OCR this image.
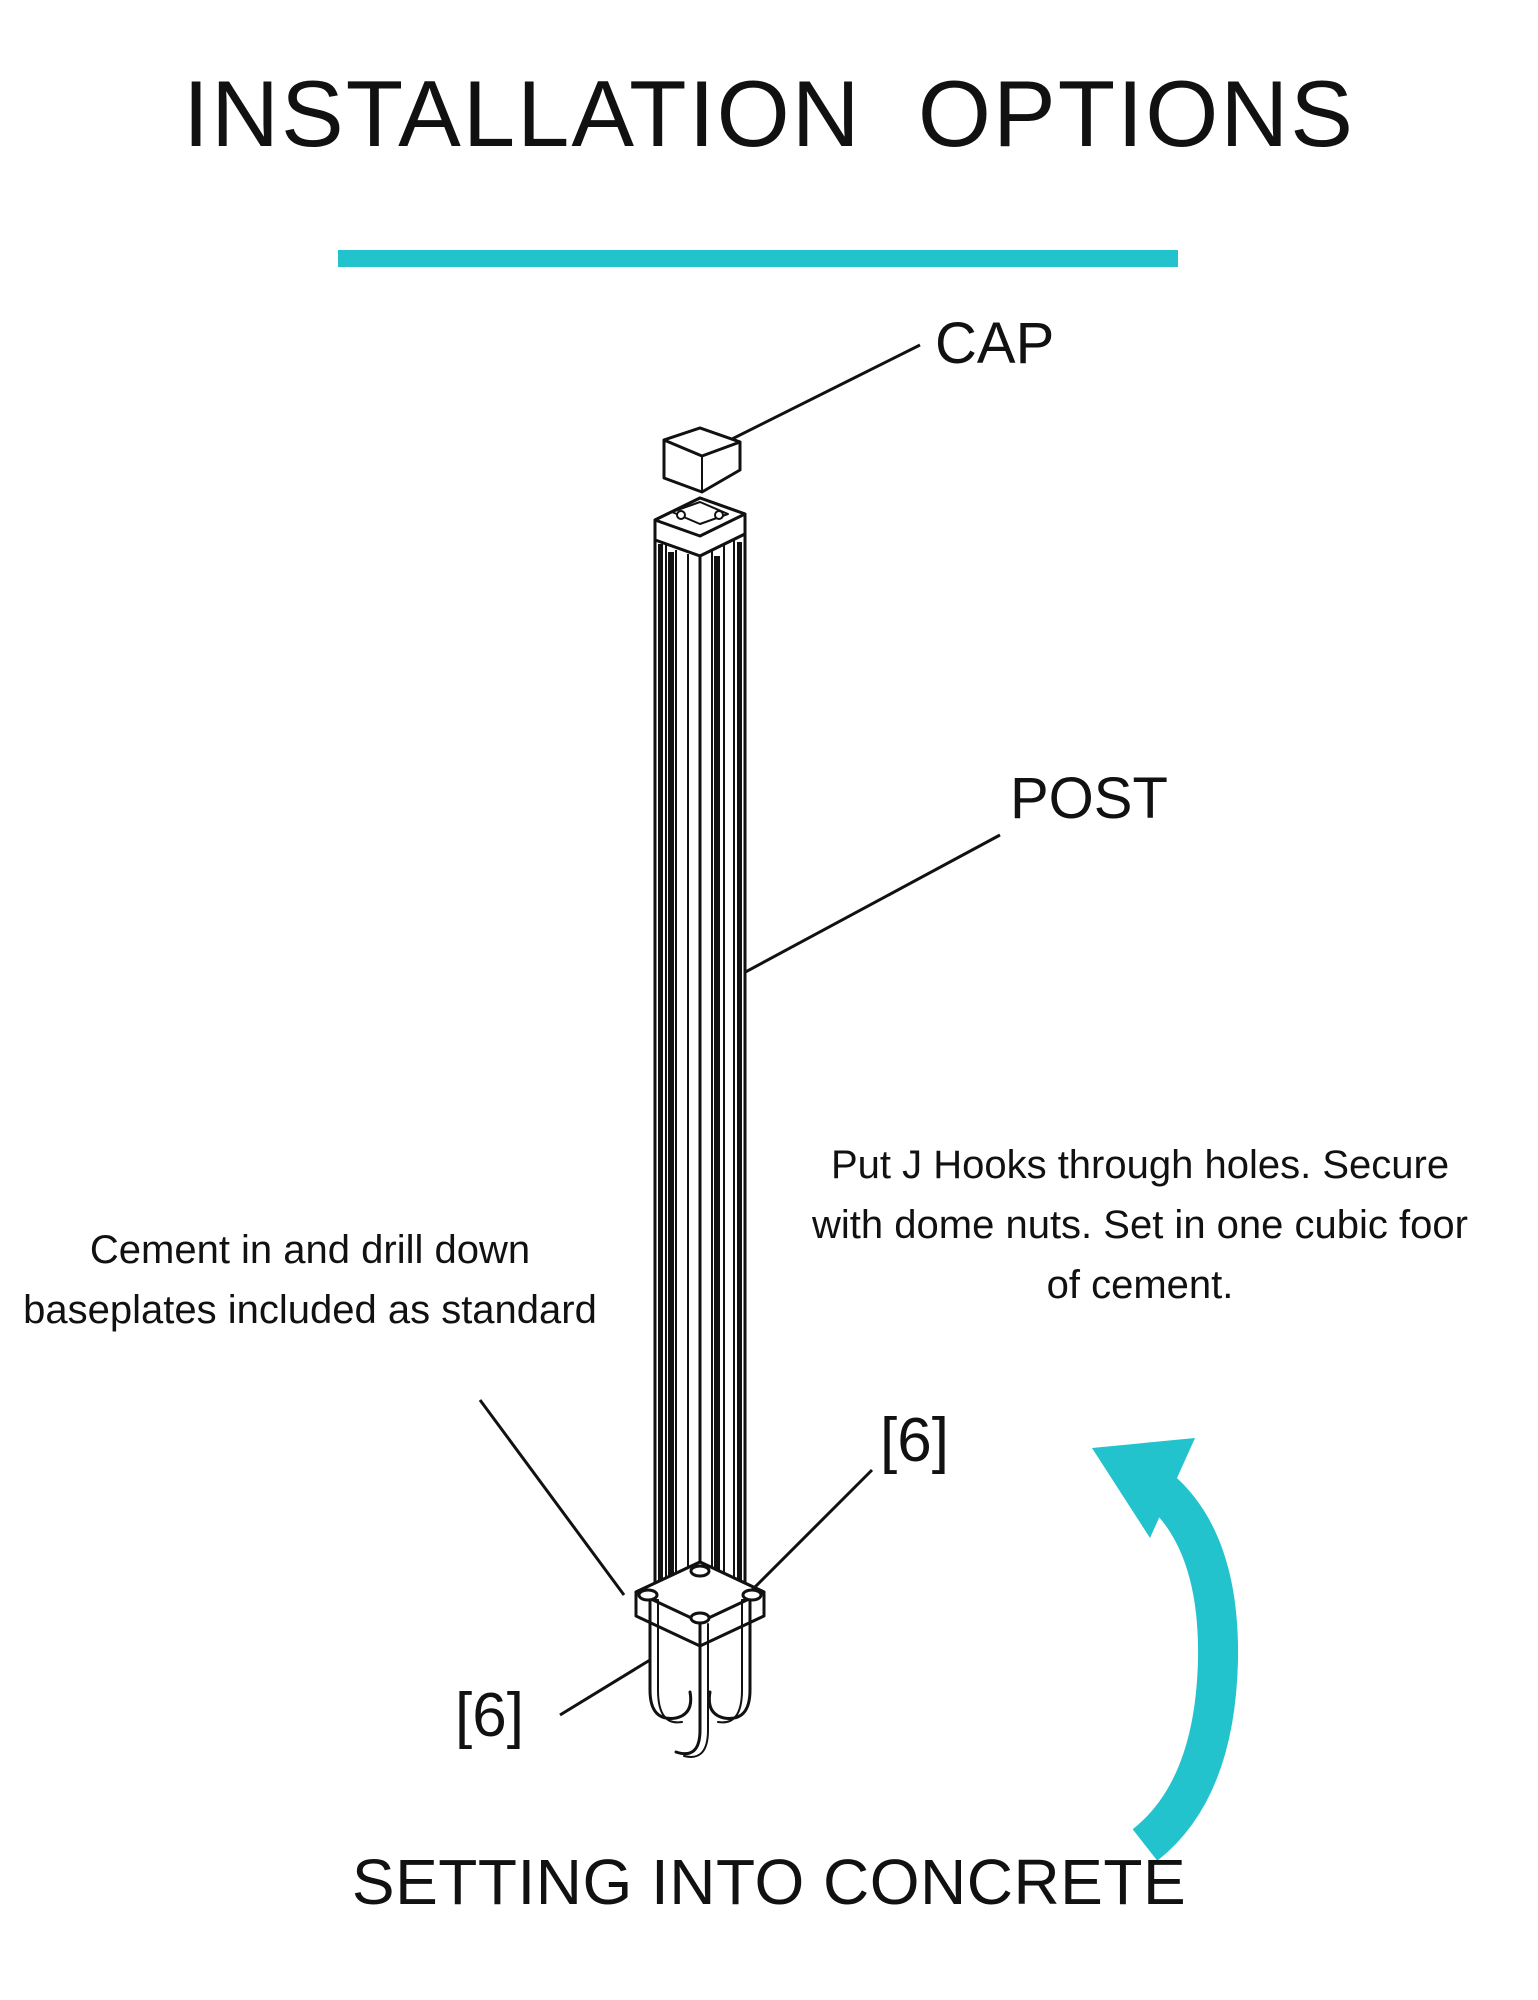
INSTALLATION  OPTIONS
CAP
POST
Cement in and drill down baseplates included as standard
Put J Hooks through holes. Secure with dome nuts. Set in one cubic foor of cement.
[6]
[6]
SETTING INTO CONCRETE
